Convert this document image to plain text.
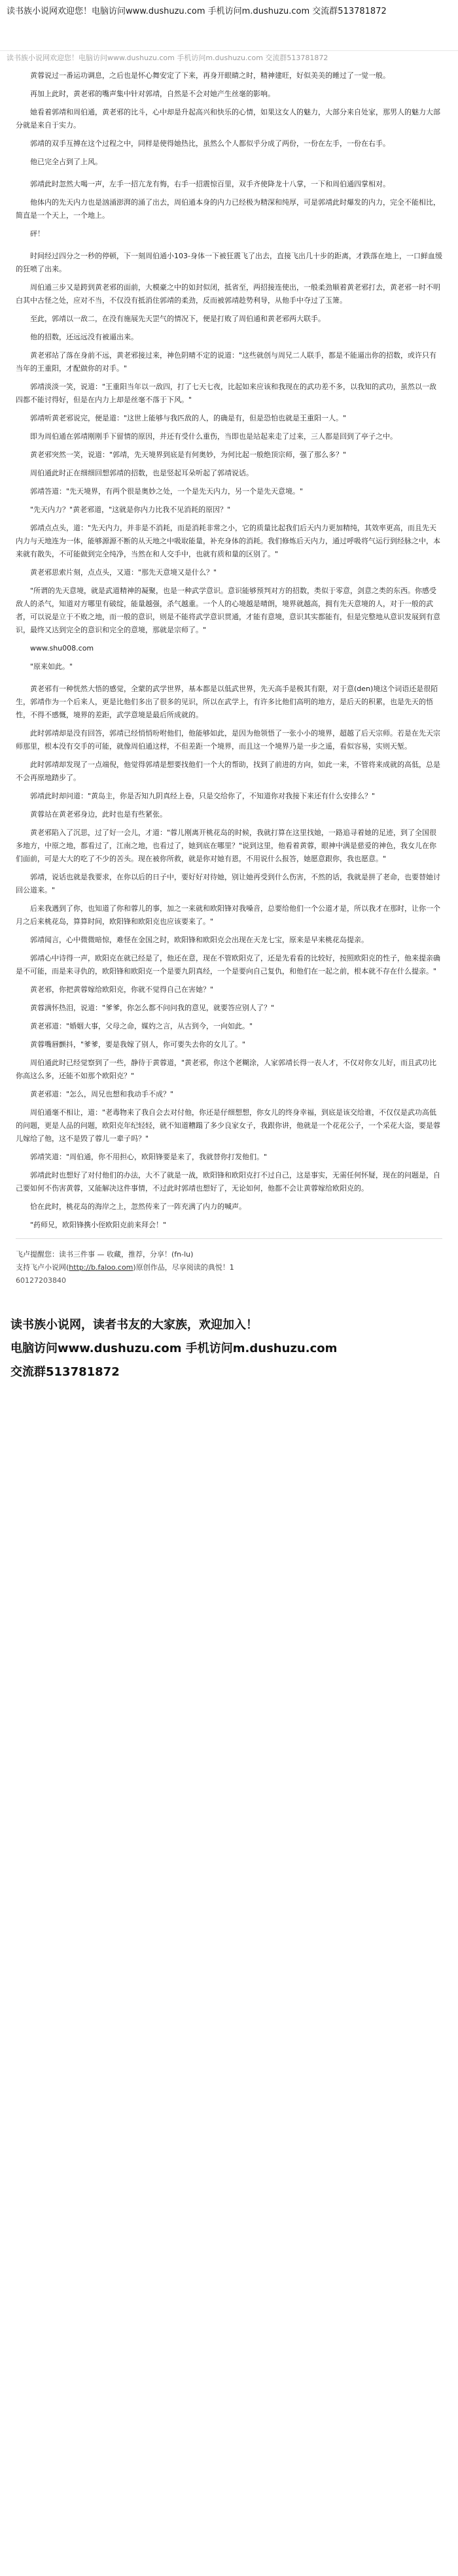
读书族小说网欢迎您！电脑访问www.dushuzu.com 手机访问m.dushuzu.com 交流群513781872
读书族小说网欢迎您！电脑访问www.dushuzu.com 手机访问m.dushuzu.com 交流群513781872

黄蓉说过一番运功调息，之后也是怀心舞安定了下来，再身开眼睛之时，精神建旺，好似美美的睡过了一觉一般。

再加上此时，黄老邪的嘴声集中针对郭靖，自然是不会对她产生丝毫的影响。

她看着郭靖和周伯通，黄老邪的比斗，心中却是升起高兴和快乐的心情，如果这女人的魅力，大部分来自处家，那男人的魅力大部分就是来自于实力。

郭靖的双手互搏在这个过程之中，同样是使得她热比，虽然么个人都似乎分成了两份，一份在左手，一份在右手。

他已完全占到了上风。

郭靖此时忽然大喝一声，左手一招亢龙有悔，右手一招震惊百里，双手齐使降龙十八掌，一下和周伯通四掌相对。

他体内的先天内力也是汹涌澎湃的涌了出去，周伯通本身的内力已经极为精深和纯厚，可是郭靖此时爆发的内力，完全不能相比，简直是一个天上，一个地上。

砰！

时间经过四分之一秒的停顿，下一刻周伯通小103-身体一下被狂震飞了出去，直接飞出几十步的距离，才跌落在地上，一口鲜血缓的狂喷了出来。

周伯通三步又是跨到黄老邪的面前，大模豪之中的如封似闭，抵省至，两招接连使出，一般柔劲顺着黄老邪打去，黄老邪一时不明白其中古怪之处，应对不当，不仅没有抵消住郭靖的柔劲，反而被郭靖趁势利导，从他手中夺过了玉箫。

至此，郭靖以一敌二，在没有施展先天罡气的情况下，便是打败了周伯通和黄老邪两大联手。

他的招数，还远远没有被逼出来。

黄老邪站了落在身前不远，黄老邪接过来，神色阴晴不定的说道："这些就创与周兄二人联手，都是不能逼出你的招数，或许只有当年的王重阳，才配做你的对手。"

郭靖淡淡一笑，说道："王重阳当年以一敌四，打了七天七夜，比起如来应该和我现在的武功差不多，以我知的武功，虽然以一敌四都不能讨得好，但是在内力上却是丝毫不落于下风。"

郭靖听黄老邪说完，便是道："这世上能够与我匹敌的人，的确是有，但是恐怕也就是王重阳一人。"

即为周伯通在郭靖刚刚手下留情的原因，并还有受什么重伤，当即也是站起来走了过来，三人都是回到了亭子之中。

黄老邪突然一笑，说道："郭靖，先天境界到底是有何奥妙，为何比起一般绝顶宗师，强了那么多？"

周伯通此时正在细细回想郭靖的招数，也是竖起耳朵听起了郭靖说话。

郭靖答道："先天境界，有两个很是奥妙之处，一个是先天内力，另一个是先天意境。"

"先天内力？"黄老邪道，"这就是你内力比我不见消耗的原因？"

郭靖点点头，道："先天内力，并非是不消耗，而是消耗非常之小，它的质量比起我们后天内力更加精纯，其效率更高，而且先天内力与天地连为一体，能够源源不断的从天地之中吸取能量，补充身体的消耗。我们修炼后天内力，通过呼吸将气运行到经脉之中，本来就有散失，不可能做到完全纯净，当然在和人交手中，也就有质和量的区别了。"

黄老邪思索片刻，点点头，又道："那先天意境又是什么？"

"所谓的先天意境，就是武道精神的凝聚，也是一种武学意识。意识能够预判对方的招数，类似于零意，剑意之类的东西。你感受敌人的杀气，知道对方哪里有破绽，能量越强，杀气越重。一个人的心境越是晴朗，境界就越高，拥有先天意境的人，对于一般的武者，可以说是立于不败之地，而一般的意识，则是不能将武学意识贯通，才能有意境，意识其实都能有，但是完整地从意识发展到有意识，最终又达到完全的意识和完全的意境，那就是宗师了。"

www.shu008.com

"原来如此。"

黄老邪有一种恍然大悟的感觉，全蒙的武学世界，基本都是以低武世界，先天高手是极其有限，对于意(den)境这个词语还是很陌生，郭靖作为一个后来人，更是比他们多出了很多的见识，所以在武学上，有许多比他们高明的地方，是后天的积累，也是先天的悟性，不得不感慨，境界的差距，武学意境是最后所成就的。

此时郭靖却是没有回答，郭靖已经悄悄吩咐他们，他能够如此，是因为他领悟了一张小小的境界，超越了后天宗师。若是在先天宗师那里，根本没有交手的可能，就像周伯通这样，不但差距一个境界，而且这一个境界乃是一步之遥，看似容易，实则天堑。

此时郭靖却发现了一点端倪，他觉得郭靖是想要找他们一个大的帮助，找到了前进的方向，如此一来，不管将来成就的高低，总是不会再原地踏步了。

郭靖此时却问道："黄岛主，你是否知九阴真经上卷，只是交给你了，不知道你对我接下来还有什么安排么？"

黄蓉站在黄老邪身边，此时也是有些紧张。

黄老邪陷入了沉思，过了好一会儿，才道："蓉儿刚离开桃花岛的时候，我就打算在这里找她，一路追寻着她的足迹，到了全国很多地方，中原之地，都看过了，江南之地，也看过了，她到底在哪里？"说到这里，他看着黄蓉，眼神中满是慈爱的神色，我女儿在你们面前，可是大大的吃了不少的苦头。现在被你所救，就是你对她有恩，不用说什么报答，她愿意跟你，我也愿意。"

郭靖，说话也就是我要求，在你以后的日子中，要好好对待她，别让她再受到什么伤害，不然的话，我就是拼了老命，也要替她讨回公道来。"

后来我遇到了你，也知道了你和蓉儿的事，加之一来就和欧阳锋对我嗓音，总要给他们一个公道才是，所以我才在那时，让你一个月之后来桃花岛，算算时间，欧阳锋和欧阳克也应该要来了。"

郭靖闻言，心中微微暗惊，难怪在金国之时，欧阳锋和欧阳克会出现在天龙七宝，原来是早来桃花岛提亲。

郭靖心中诗得一声，欧阳克在就已经是了，他还在意，现在不管欧阳克了，还是先看看的比较好，按照欧阳克的性子，他来提亲确是不可能，而是来寻仇的，欧阳锋和欧阳克一个是要九阴真经，一个是要向自己复仇，和他们在一起之前，根本就不存在什么提亲。"

黄老邪，你把黄蓉嫁给欧阳克，你就不觉得自己在害她？"

黄蓉满怀热泪，说道："爹爹，你怎么都不问问我的意见，就要答应别人了？"

黄老邪道："婚姻大事，父母之命，媒妁之言，从古到今，一向如此。"

黄蓉嘴唇颤抖，"爹爹，要是我嫁了别人，你可要失去你的女儿了。"

周伯通此时已经觉察到了一些，静待于黄蓉道，"黄老邪，你这个老糊涂，人家郭靖长得一表人才，不仅对你女儿好，而且武功比你高这么多，还能不如那个欧阳克？"

黄老邪道："怎么，周兄也想和我动手不成？"

周伯通毫不相让，道："老毒物来了我自会去对付他，你还是仔细想想，你女儿的终身幸福，到底是该交给谁，不仅仅是武功高低的问题，更是人品的问题，欧阳克年纪轻轻，就不知道糟蹋了多少良家女子，我跟你讲，他就是一个花花公子，一个采花大盗，要是蓉儿嫁给了他，这不是毁了蓉儿一辈子吗？"

郭靖笑道："周伯通，你不用担心，欧阳锋要是来了，我就替你打发他们。"

郭靖此时也想好了对付他们的办法，大不了就是一战，欧阳锋和欧阳克打不过自己，这是事实，无需任何怀疑，现在的问题是，自己要如何不伤害黄蓉，又能解决这件事情，不过此时郭靖也想好了，无论如何，他都不会让黄蓉嫁给欧阳克的。

恰在此时，桃花岛的海岸之上，忽然传来了一阵充满了内力的喊声。

"药师兄，欧阳锋携小侄欧阳克前来拜会！"

飞卢提醒您：读书三件事 — 收藏，推荐，分享！(fn-lu)
支持飞卢小说网(http://b.faloo.com)原创作品，尽享阅读的典悦！1
60127203840
读书族小说网，读者书友的大家族，欢迎加入！
电脑访问www.dushuzu.com 手机访问m.dushuzu.com
交流群513781872
